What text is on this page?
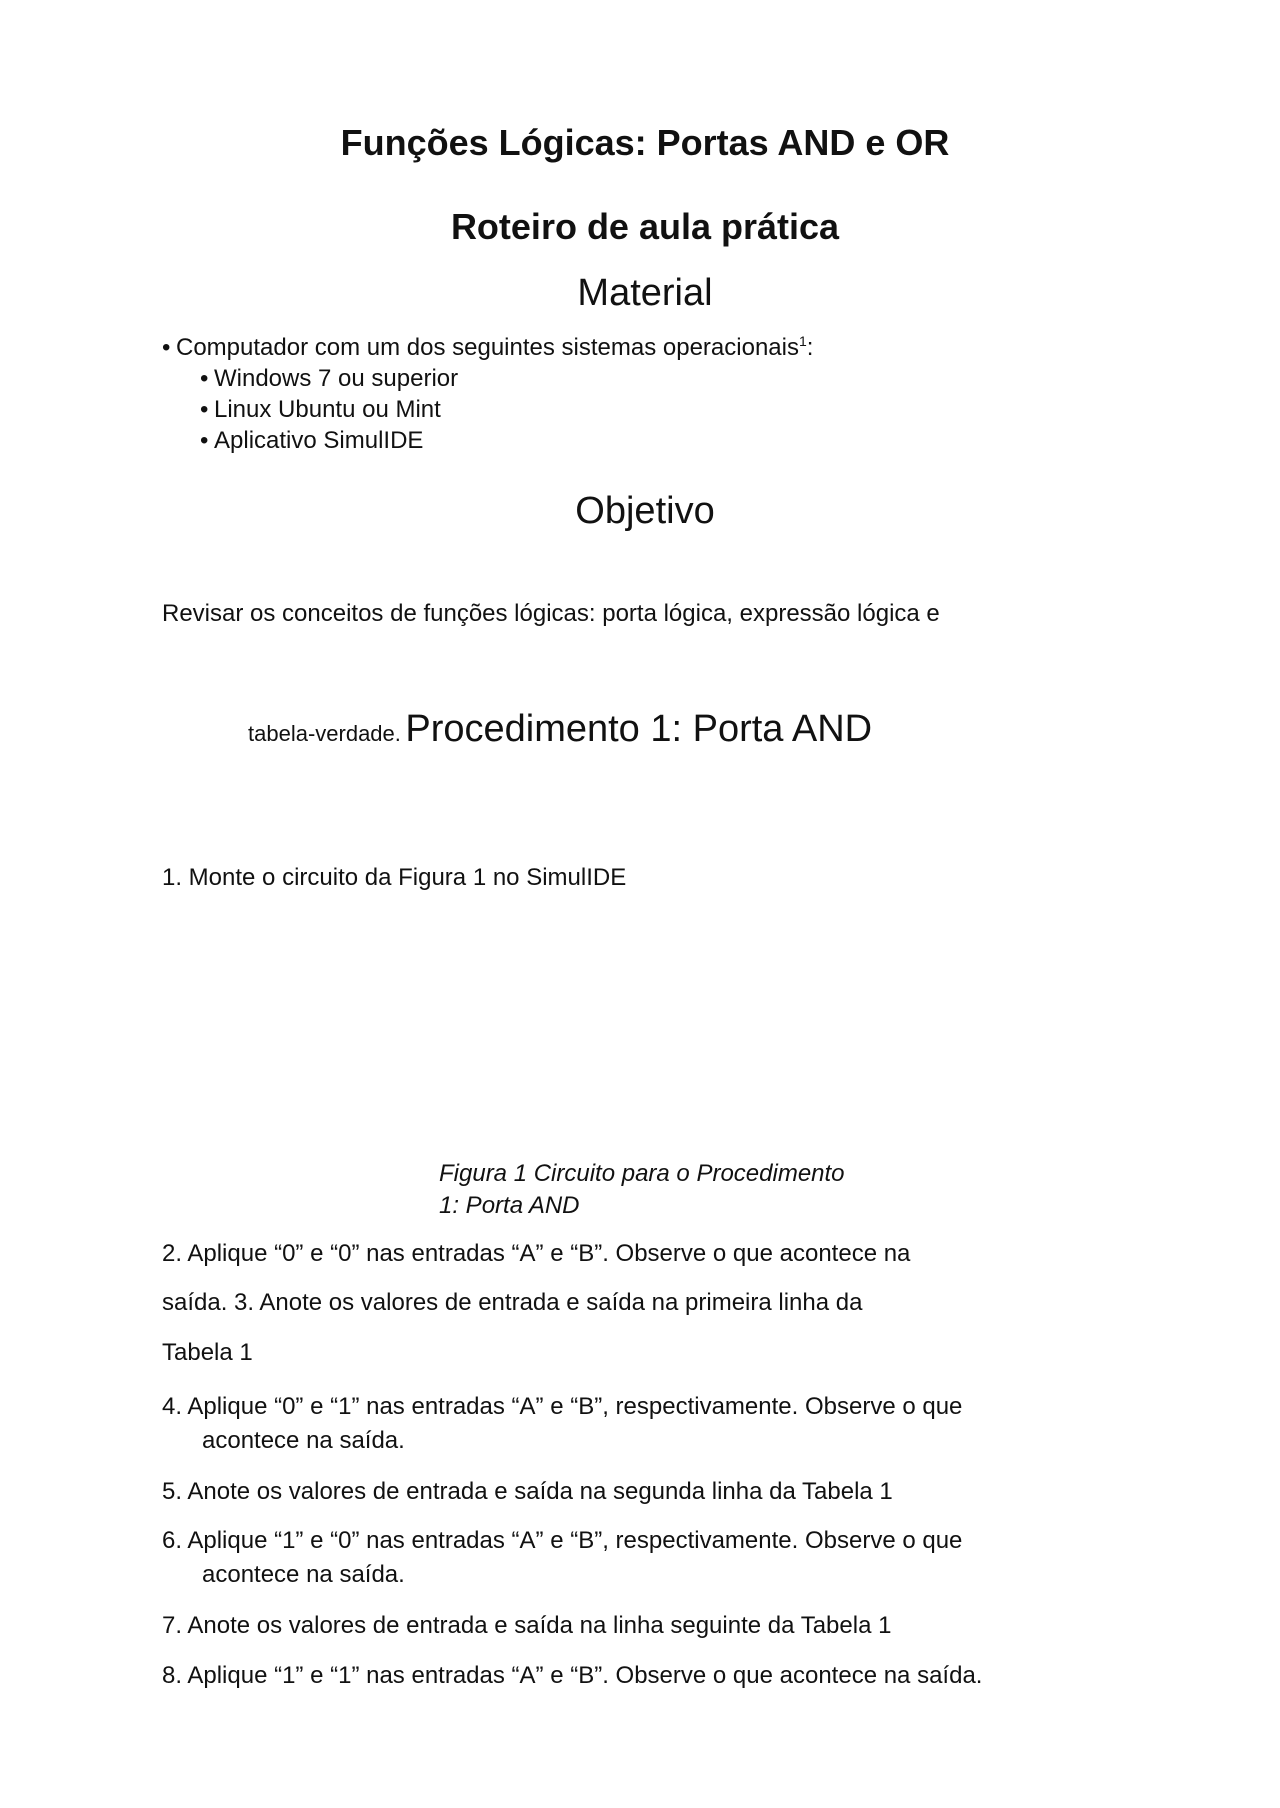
Funções Lógicas: Portas AND e OR
Roteiro de aula prática
Material
• Computador com um dos seguintes sistemas operacionais$^1$:
• Windows 7 ou superior
• Linux Ubuntu ou Mint
• Aplicativo SimulIDE
Objetivo
Revisar os conceitos de funções lógicas: porta lógica, expressão lógica e
tabela-verdade. Procedimento 1: Porta AND
1. Monte o circuito da Figura 1 no SimulIDE
Figura 1 Circuito para o Procedimento
1: Porta AND
2. Aplique “0” e “0” nas entradas “A” e “B”. Observe o que acontece na
saída. 3. Anote os valores de entrada e saída na primeira linha da
Tabela 1
4. Aplique “0” e “1” nas entradas “A” e “B”, respectivamente. Observe o que
acontece na saída.
5. Anote os valores de entrada e saída na segunda linha da Tabela 1
6. Aplique “1” e “0” nas entradas “A” e “B”, respectivamente. Observe o que
acontece na saída.
7. Anote os valores de entrada e saída na linha seguinte da Tabela 1
8. Aplique “1” e “1” nas entradas “A” e “B”. Observe o que acontece na saída.
